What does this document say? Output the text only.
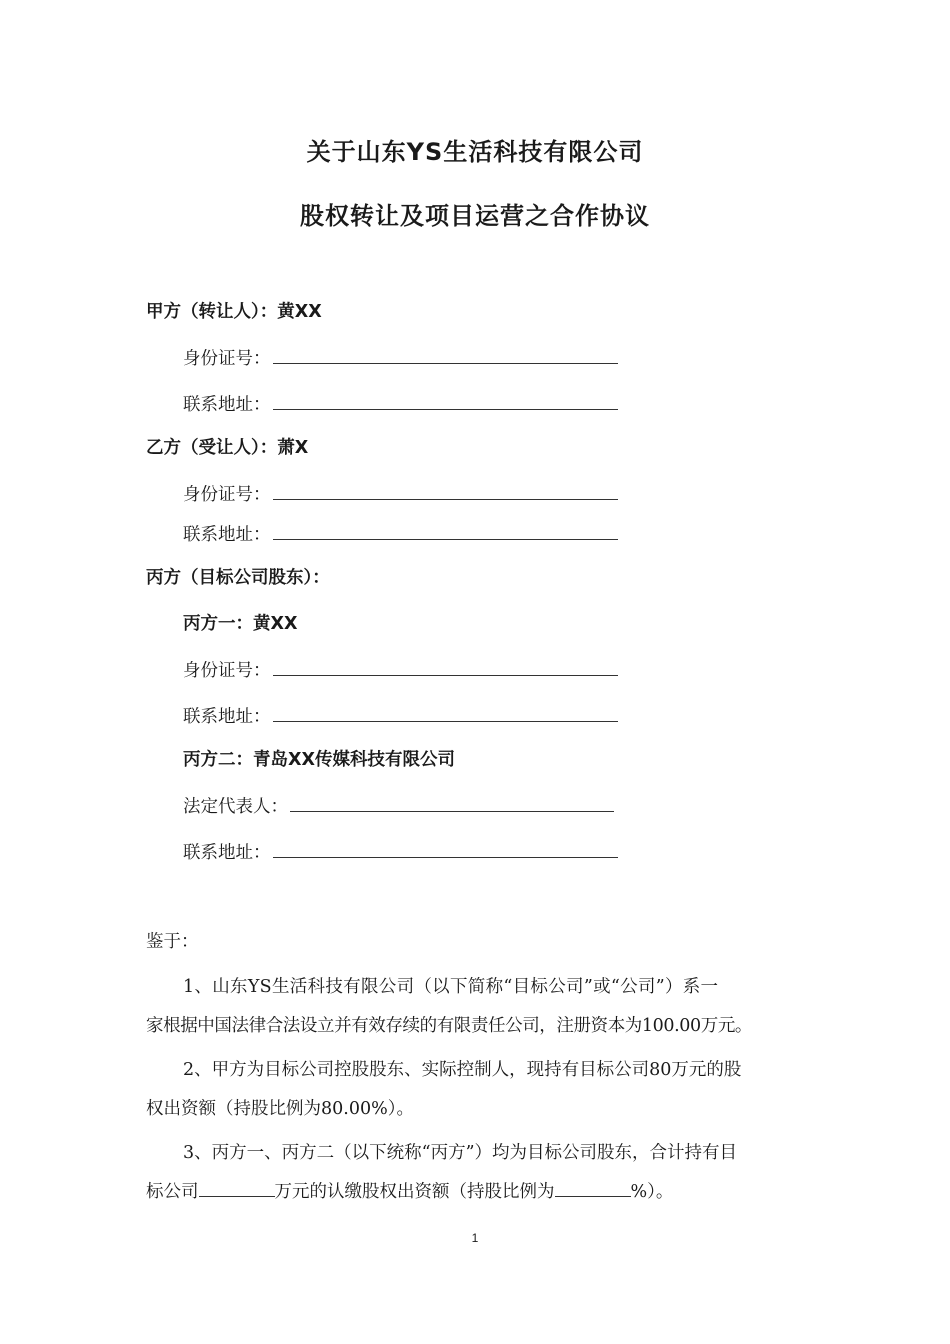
关于山东YS生活科技有限公司
股权转让及项目运营之合作协议
甲方（转让人）：黄XX
身份证号：
联系地址：
乙方（受让人）：萧X
身份证号：
联系地址：
丙方（目标公司股东）：
丙方一：黄XX
身份证号：
联系地址：
丙方二：青岛XX传媒科技有限公司
法定代表人：
联系地址：
鉴于：
1、山东YS生活科技有限公司（以下简称“目标公司”或“公司”）系一
家根据中国法律合法设立并有效存续的有限责任公司，注册资本为100.00万元。
2、甲方为目标公司控股股东、实际控制人，现持有目标公司80万元的股
权出资额（持股比例为80.00%）。
3、丙方一、丙方二（以下统称“丙方”）均为目标公司股东，合计持有目
标公司	万元的认缴股权出资额（持股比例为	%）。
1
